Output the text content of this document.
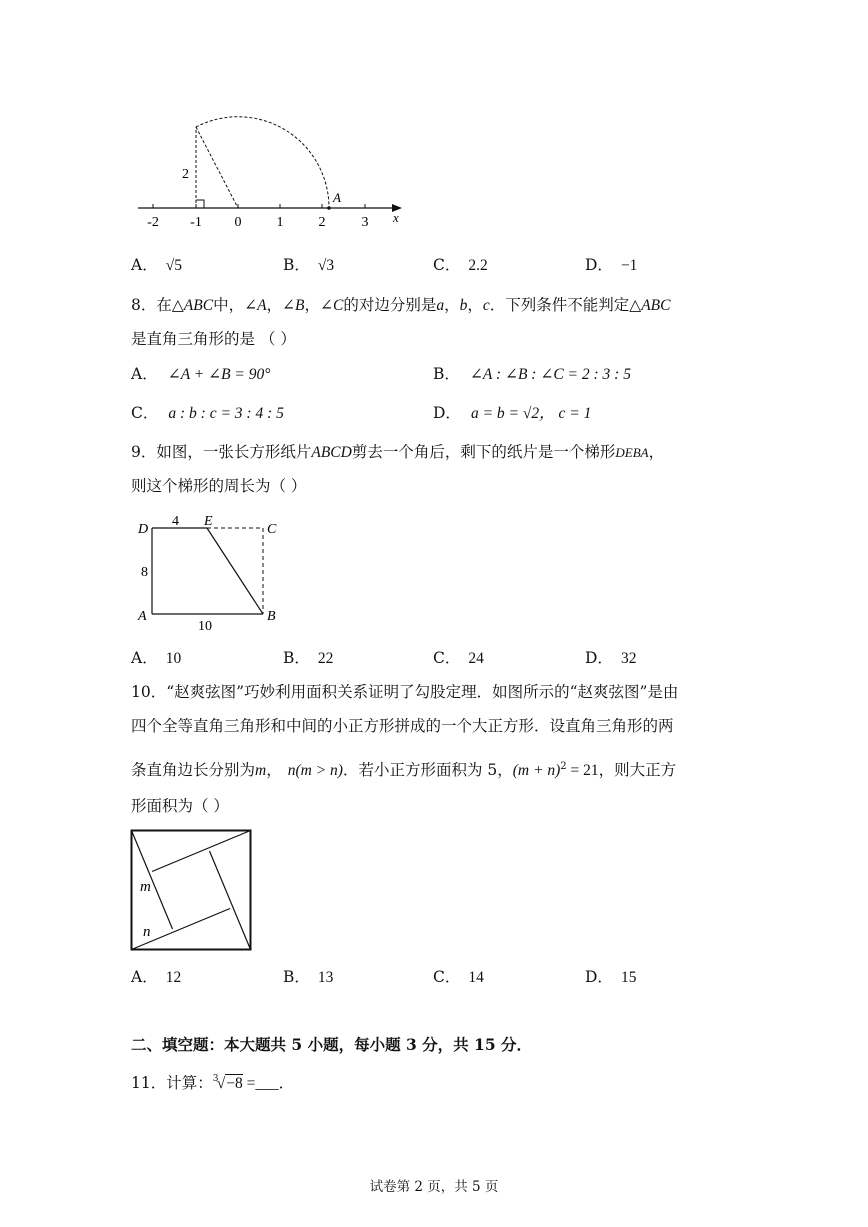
-2 -1 0	1	2	3 x
2
A
A． √5	B． √3	C． 2.2	D． −1
8．在△ABC中，∠A，∠B，∠C的对边分别是a，b，c．下列条件不能判定△ABC
是直角三角形的是 （ ）
A． ∠A + ∠B = 90°	B． ∠A : ∠B : ∠C = 2 : 3 : 5
C． a : b : c = 3 : 4 : 5	D． a = b = √2， c = 1
9．如图，一张长方形纸片ABCD剪去一个角后，剩下的纸片是一个梯形DEBA，
则这个梯形的周长为（ ）
D
E
C
A	B
4
8
10
A． 10	B． 22	C． 24	D． 32
10．“赵爽弦图”巧妙利用面积关系证明了勾股定理．如图所示的“赵爽弦图”是由
四个全等直角三角形和中间的小正方形拼成的一个大正方形．设直角三角形的两
条直角边长分别为m， n(m > n)．若小正方形面积为 5，$(m + n)^2 = 21$，则大正方
形面积为（ ）
m
n
A． 12	B． 13	C． 14	D． 15
二、填空题：本大题共 5 小题，每小题 3 分，共 15 分．
11．计算： 3
√−8 =___．
试卷第 2 页，共 5 页
